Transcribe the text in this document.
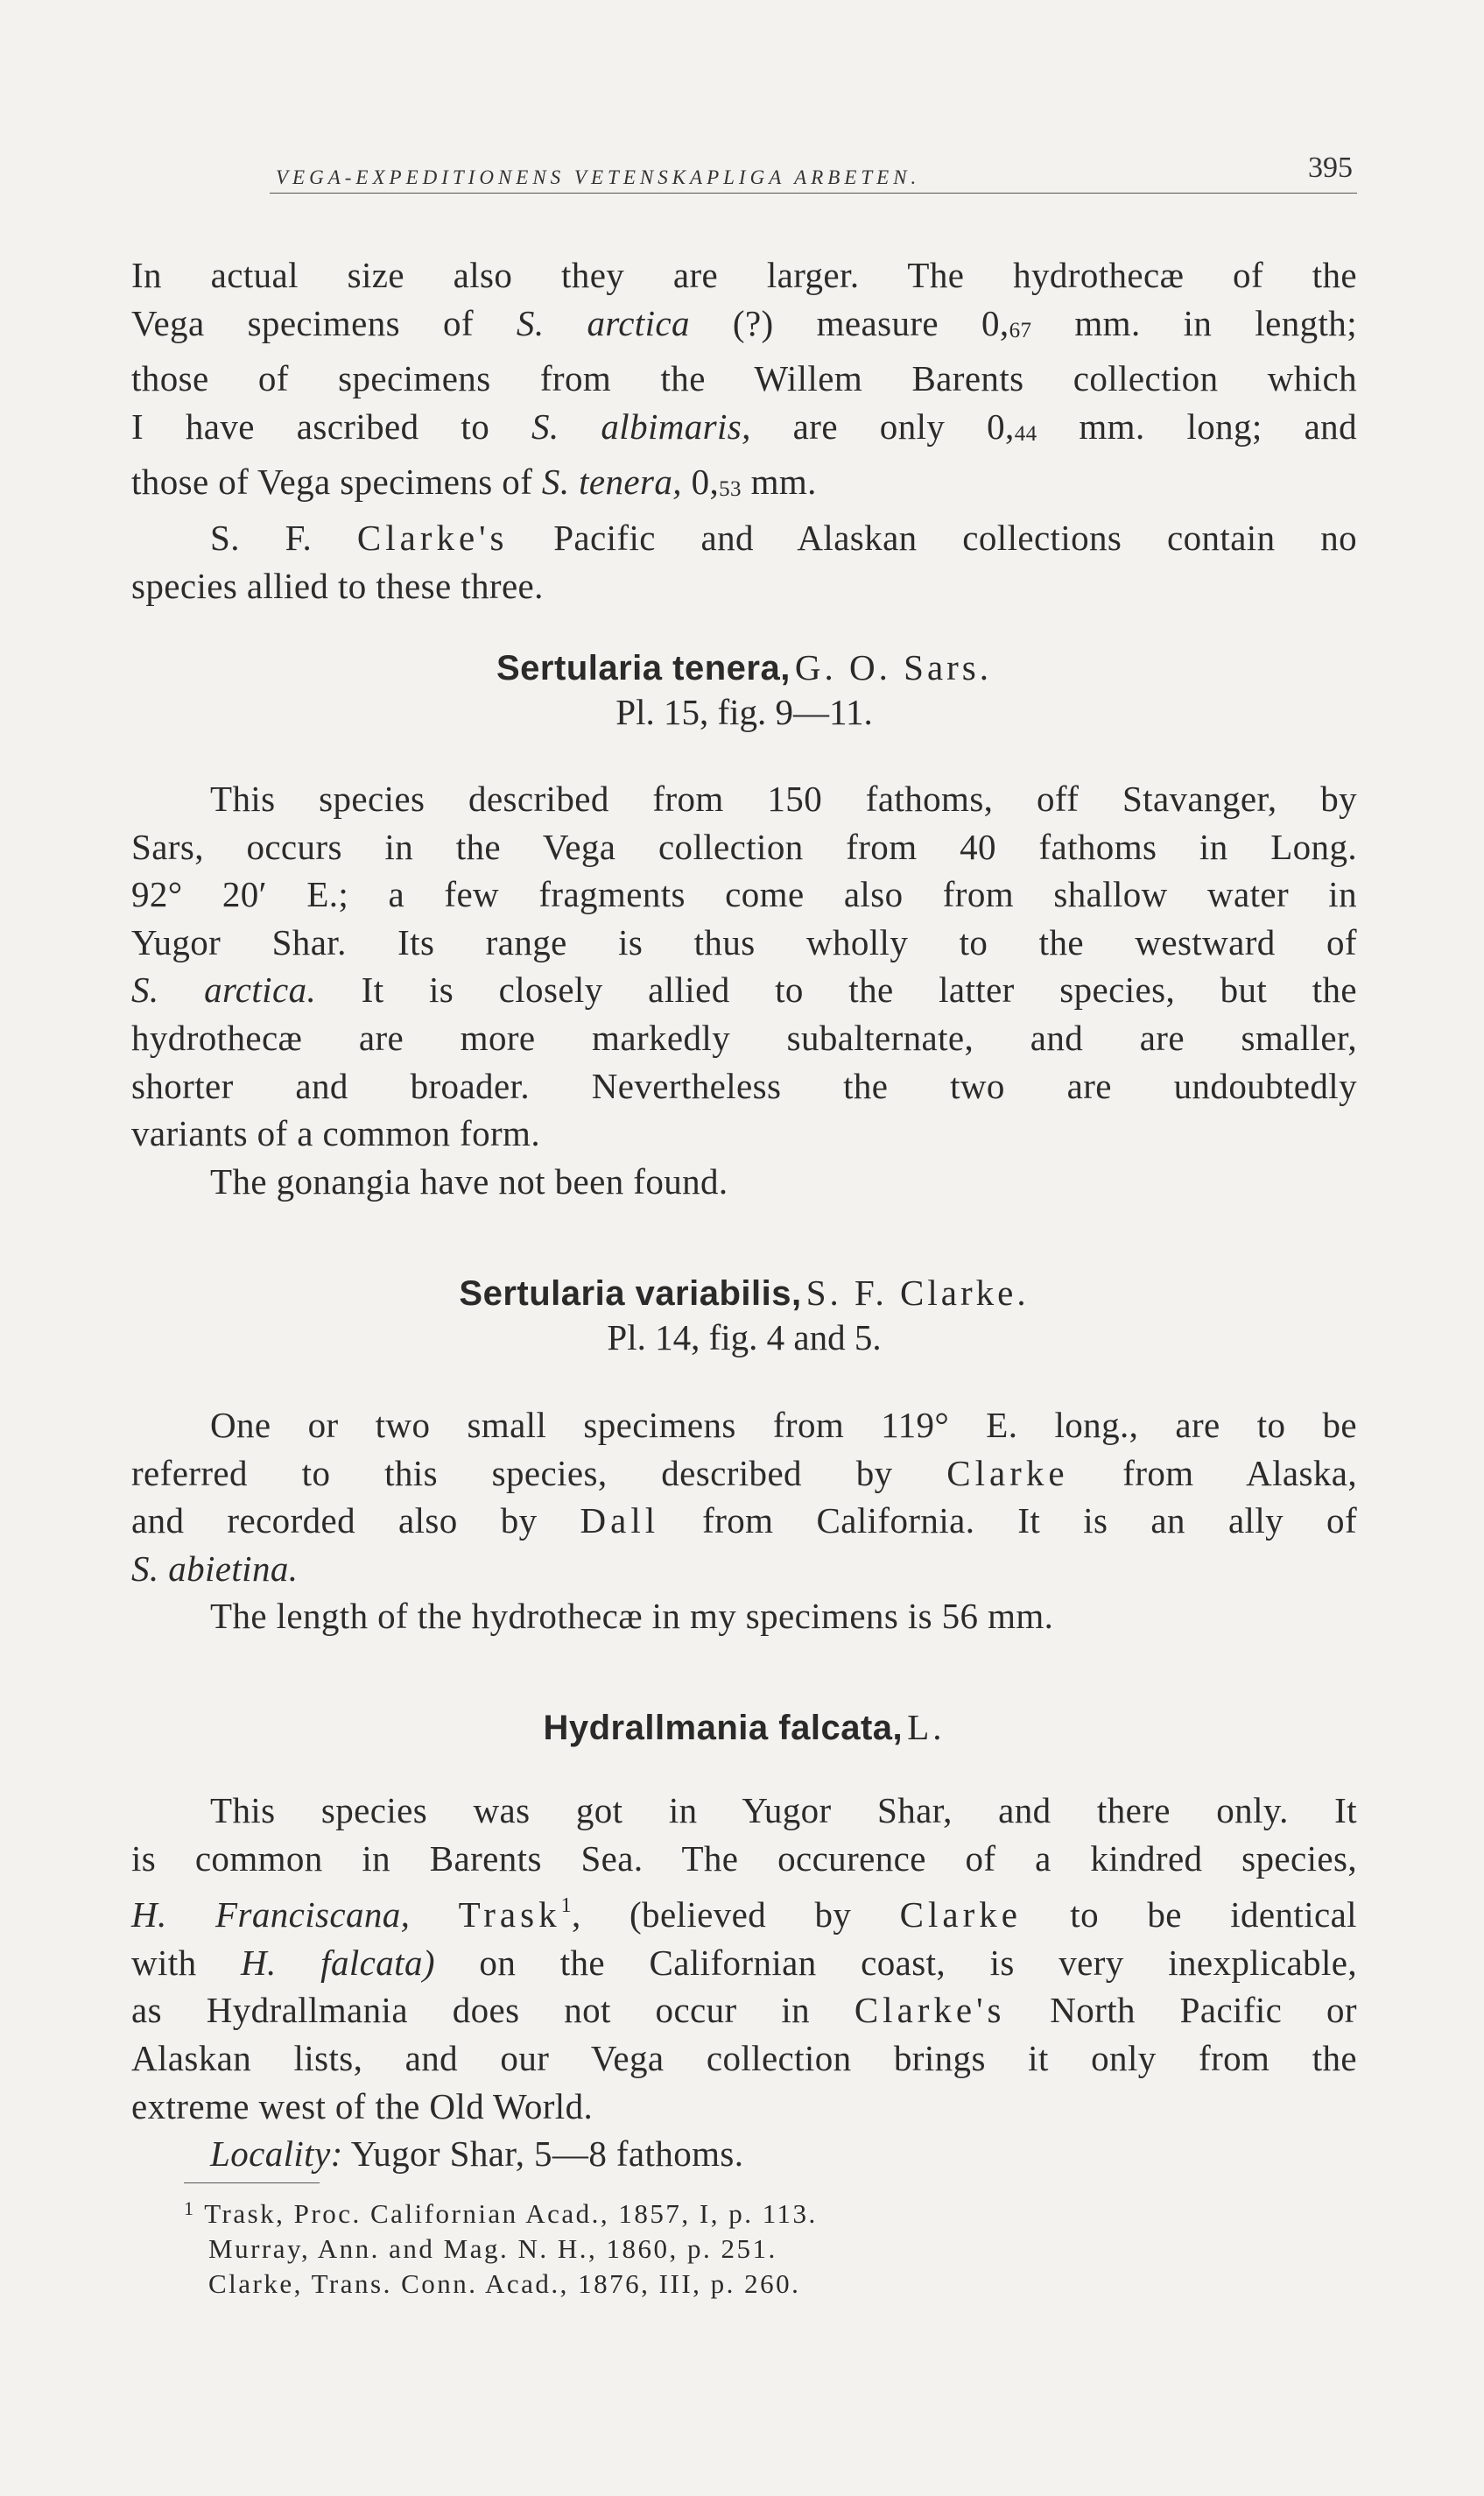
VEGA-EXPEDITIONENS VETENSKAPLIGA ARBETEN.	395
In actual size also they are larger. The hydrothecæ of the
Vega specimens of S. arctica (?) measure 0,67 mm. in length;
those of specimens from the Willem Barents collection which
I have ascribed to S. albimaris, are only 0,44 mm. long; and
those of Vega specimens of S. tenera, 0,53 mm.
S. F. Clarke's Pacific and Alaskan collections contain no
species allied to these three.
Sertularia tenera, G. O. Sars.
Pl. 15, fig. 9—11.
This species described from 150 fathoms, off Stavanger, by
Sars, occurs in the Vega collection from 40 fathoms in Long.
92° 20′ E.; a few fragments come also from shallow water in
Yugor Shar. Its range is thus wholly to the westward of
S. arctica. It is closely allied to the latter species, but the
hydrothecæ are more markedly subalternate, and are smaller,
shorter and broader. Nevertheless the two are undoubtedly
variants of a common form.
The gonangia have not been found.
Sertularia variabilis, S. F. Clarke.
Pl. 14, fig. 4 and 5.
One or two small specimens from 119° E. long., are to be
referred to this species, described by Clarke from Alaska,
and recorded also by Dall from California. It is an ally of
S. abietina.
The length of the hydrothecæ in my specimens is 56 mm.
Hydrallmania falcata, L.
This species was got in Yugor Shar, and there only. It
is common in Barents Sea. The occurence of a kindred species,
H. Franciscana, Trask$^1$, (believed by Clarke to be identical
with H. falcata) on the Californian coast, is very inexplicable,
as Hydrallmania does not occur in Clarke's North Pacific or
Alaskan lists, and our Vega collection brings it only from the
extreme west of the Old World.
Locality: Yugor Shar, 5—8 fathoms.
$^1$ Trask, Proc. Californian Acad., 1857, I, p. 113.
Murray, Ann. and Mag. N. H., 1860, p. 251.
Clarke, Trans. Conn. Acad., 1876, III, p. 260.
